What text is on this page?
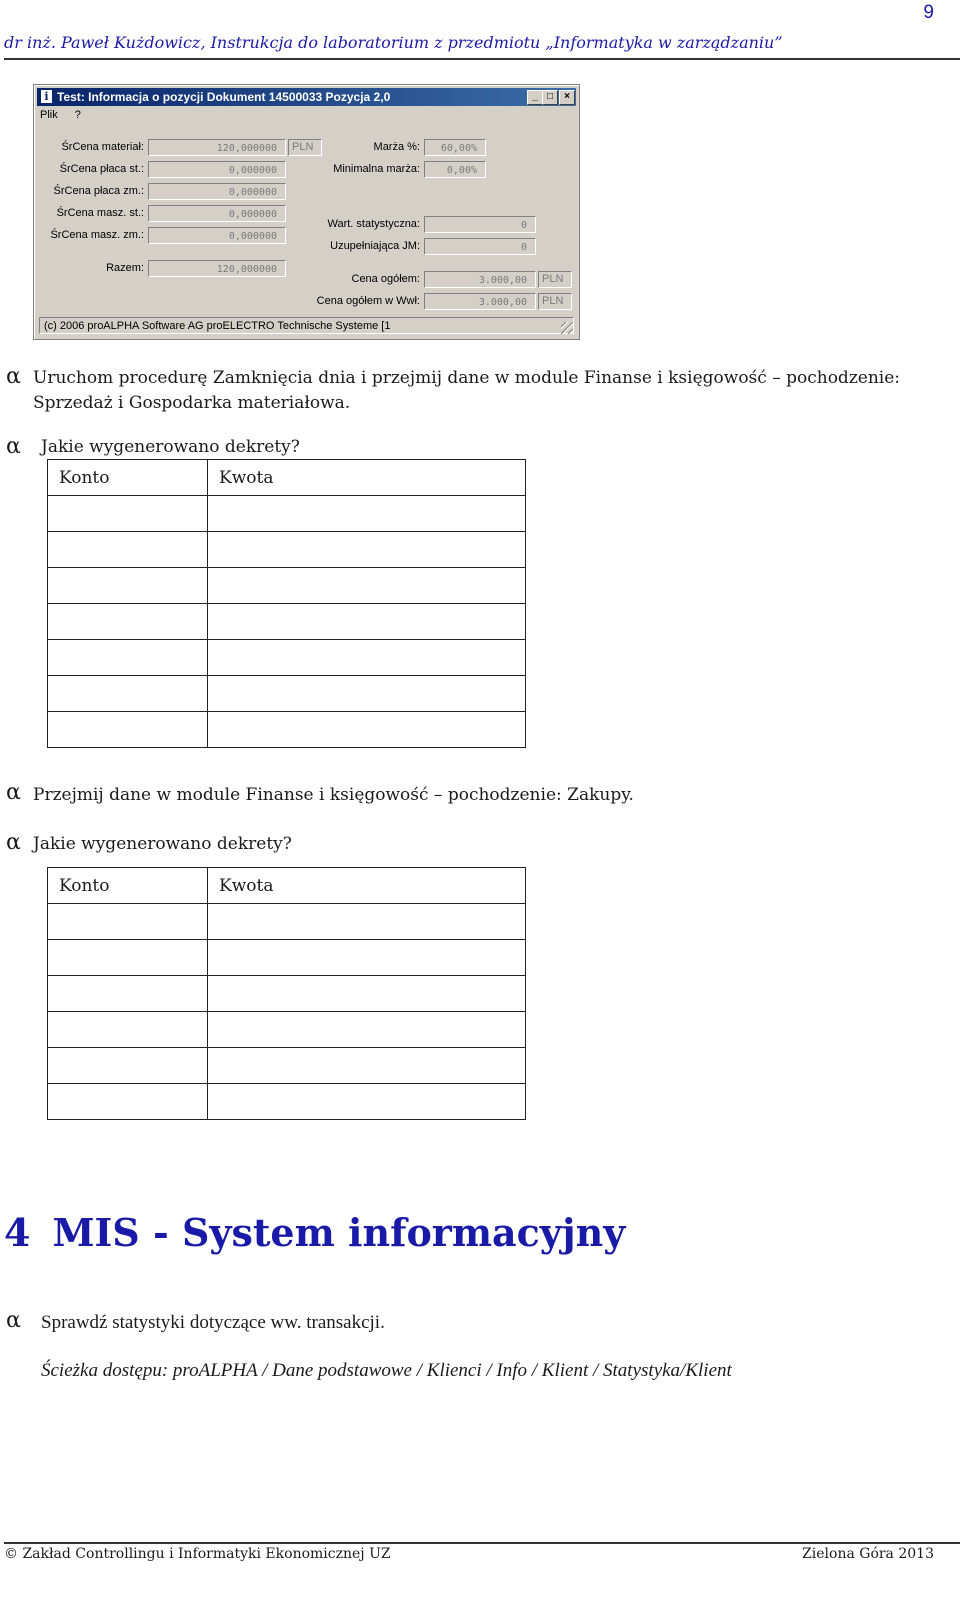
9
dr inż. Paweł Kużdowicz, Instrukcja do laboratorium z przedmiotu „Informatyka w zarządzaniu”
i Test: Informacja o pozycji Dokument 14500033 Pozycja 2,0	_ □	×
Plik ?
ŚrCena materiał:	120,000000	PLN
ŚrCena płaca st.:	0,000000
ŚrCena płaca zm.:	0,000000
ŚrCena masz. st.:	0,000000
ŚrCena masz. zm.:	0,000000
Razem:	120,000000
Marża %:	60,00%
Minimalna marża:	0,00%
Wart. statystyczna:	0
Uzupełniająca JM:	0
Cena ogółem:	3.000,00	PLN
Cena ogółem w Wwł:	3.000,00	PLN
(c) 2006 proALPHA Software AG proELECTRO Technische Systeme [1
α Uruchom procedurę Zamknięcia dnia i przejmij dane w module Finanse i księgowość – pochodzenie: Sprzedaż i Gospodarka materiałowa.
α Jakie wygenerowano dekrety?
Konto	Kwota

α Przejmij dane w module Finanse i księgowość – pochodzenie: Zakupy.
α Jakie wygenerowano dekrety?
Konto	Kwota

4 MIS - System informacyjny
α Sprawdź statystyki dotyczące ww. transakcji.
Ścieżka dostępu: proALPHA / Dane podstawowe / Klienci / Info / Klient / Statystyka/Klient
© Zakład Controllingu i Informatyki Ekonomicznej UZ	Zielona Góra 2013
